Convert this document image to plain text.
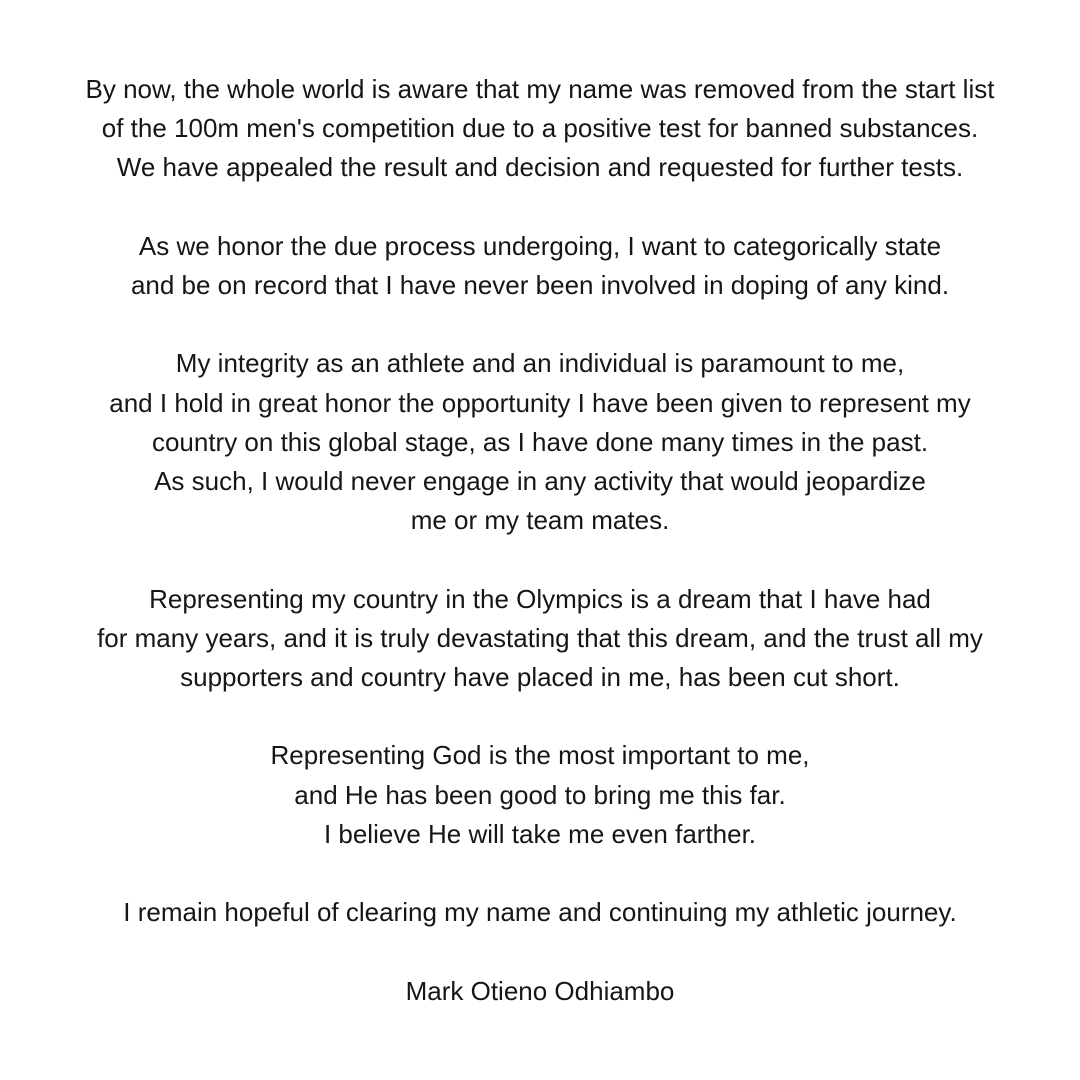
By now, the whole world is aware that my name was removed from the start list
of the 100m men's competition due to a positive test for banned substances.
We have appealed the result and decision and requested for further tests.

As we honor the due process undergoing, I want to categorically state
and be on record that I have never been involved in doping of any kind.

My integrity as an athlete and an individual is paramount to me,
and I hold in great honor the opportunity I have been given to represent my
country on this global stage, as I have done many times in the past.
As such, I would never engage in any activity that would jeopardize
me or my team mates.

Representing my country in the Olympics is a dream that I have had
for many years, and it is truly devastating that this dream, and the trust all my
supporters and country have placed in me, has been cut short.

Representing God is the most important to me,
and He has been good to bring me this far.
I believe He will take me even farther.

I remain hopeful of clearing my name and continuing my athletic journey.

Mark Otieno Odhiambo
